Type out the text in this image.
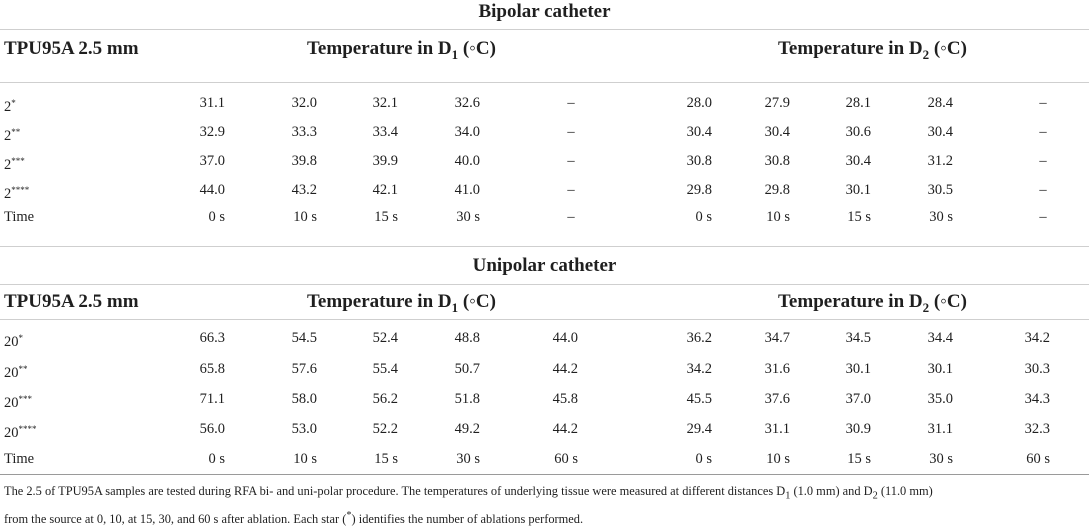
Bipolar catheter
TPU95A 2.5 mm	Temperature in $D_1$ (◦C)	Temperature in $D_2$ (◦C)
2*	31.1	32.0	32.1	32.6	–	28.0	27.9	28.1	28.4	–
2**	32.9	33.3	33.4	34.0	–	30.4	30.4	30.6	30.4	–
2***	37.0	39.8	39.9	40.0	–	30.8	30.8	30.4	31.2	–
2****	44.0	43.2	42.1	41.0	–	29.8	29.8	30.1	30.5	–
Time	0 s	10 s	15 s	30 s	–	0 s	10 s	15 s	30 s	–
Unipolar catheter
TPU95A 2.5 mm	Temperature in $D_1$ (◦C)	Temperature in $D_2$ (◦C)
20*	66.3	54.5	52.4	48.8	44.0	36.2	34.7	34.5	34.4	34.2
20**	65.8	57.6	55.4	50.7	44.2	34.2	31.6	30.1	30.1	30.3
20***	71.1	58.0	56.2	51.8	45.8	45.5	37.6	37.0	35.0	34.3
20****	56.0	53.0	52.2	49.2	44.2	29.4	31.1	30.9	31.1	32.3
Time	0 s	10 s	15 s	30 s	60 s	0 s	10 s	15 s	30 s	60 s
The 2.5 of TPU95A samples are tested during RFA bi- and uni-polar procedure. The temperatures of underlying tissue were measured at different distances $D_1$ (1.0 mm) and $D_2$ (11.0 mm)
from the source at 0, 10, at 15, 30, and 60 s after ablation. Each star (*) identifies the number of ablations performed.
